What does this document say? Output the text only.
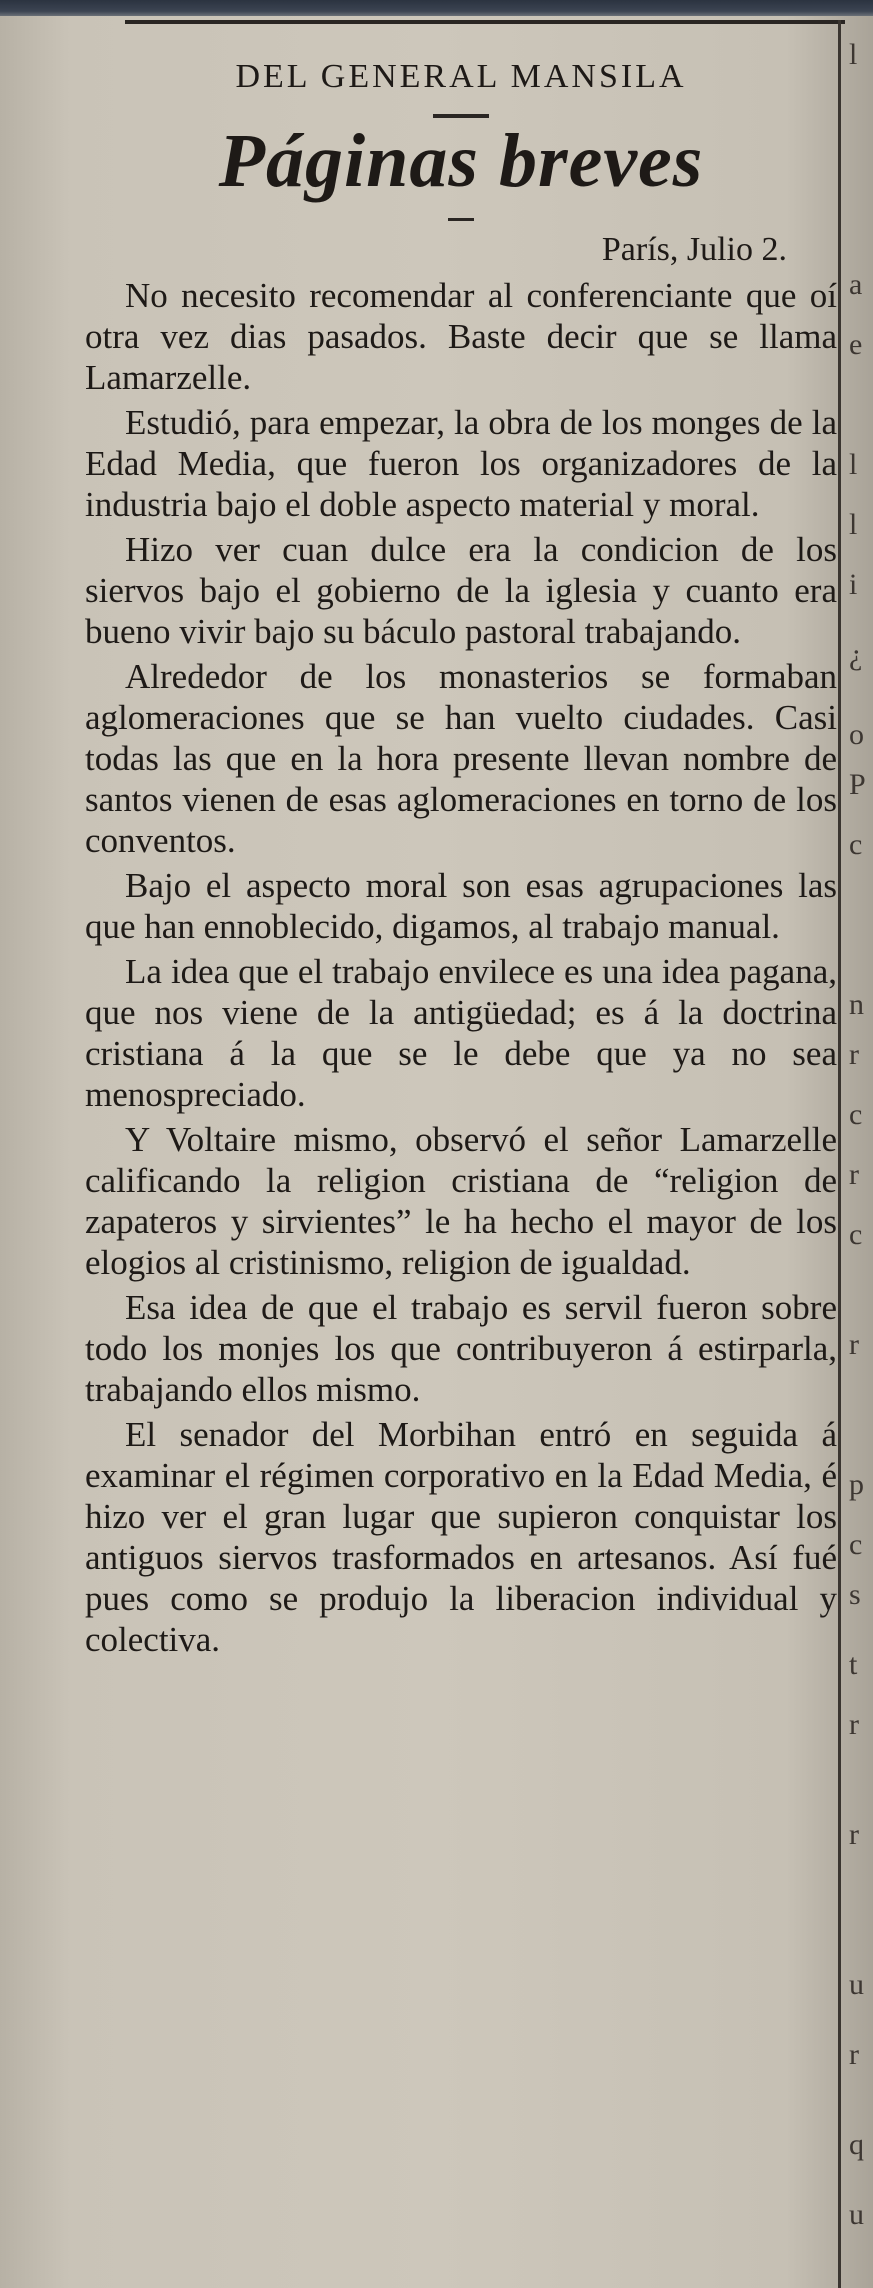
l
a
e
l
l
i
¿
o
P
c
n
r
c
r
c
r
p
c
s
t
r
r
u
r
q
u
DEL GENERAL MANSILA
Páginas breves
París, Julio 2.

No necesito recomendar al conferenciante que oí otra vez dias pasados. Baste decir que se llama Lamarzelle.

Estudió, para empezar, la obra de los monges de la Edad Media, que fueron los organizadores de la industria bajo el doble aspecto material y moral.

Hizo ver cuan dulce era la condicion de los siervos bajo el gobierno de la iglesia y cuanto era bueno vivir bajo su báculo pastoral trabajando.

Alrededor de los monasterios se formaban aglomeraciones que se han vuelto ciudades. Casi todas las que en la hora presente llevan nombre de santos vienen de esas aglomeraciones en torno de los conventos.

Bajo el aspecto moral son esas agrupaciones las que han ennoblecido, digamos, al trabajo manual.

La idea que el trabajo envilece es una idea pagana, que nos viene de la antigüedad; es á la doctrina cristiana á la que se le debe que ya no sea menospreciado.

Y Voltaire mismo, observó el señor Lamarzelle calificando la religion cristiana de “religion de zapateros y sirvientes” le ha hecho el mayor de los elogios al cristinismo, religion de igualdad.

Esa idea de que el trabajo es servil fueron sobre todo los monjes los que contribuyeron á estirparla, trabajando ellos mismo.

El senador del Morbihan entró en seguida á examinar el régimen corporativo en la Edad Media, é hizo ver el gran lugar que supieron conquistar los antiguos siervos trasformados en artesanos. Así fué pues como se produjo la liberacion individual y colectiva.
